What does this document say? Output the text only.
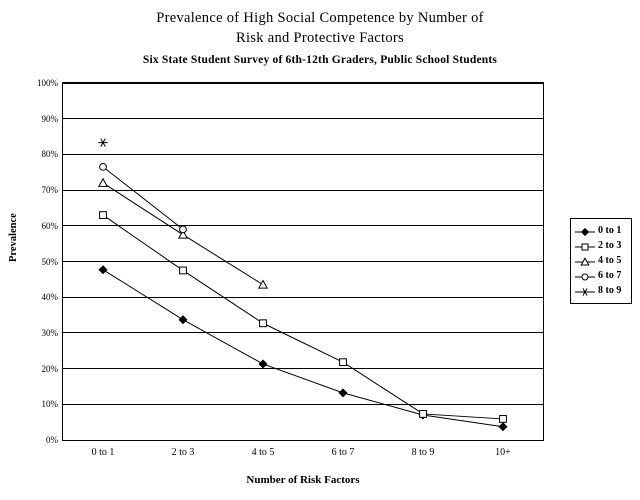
Prevalence of High Social Competence by Number of
Risk and Protective Factors
Six State Student Survey of 6th-12th Graders, Public School Students
Prevalence
0%
10%
20%
30%
40%
50%
60%
70%
80%
90%
100%
0 to 1	2 to 3	4 to 5	6 to 7	8 to 9	10+
Number of Risk Factors
0 to 1
2 to 3
4 to 5
6 to 7
8 to 9
